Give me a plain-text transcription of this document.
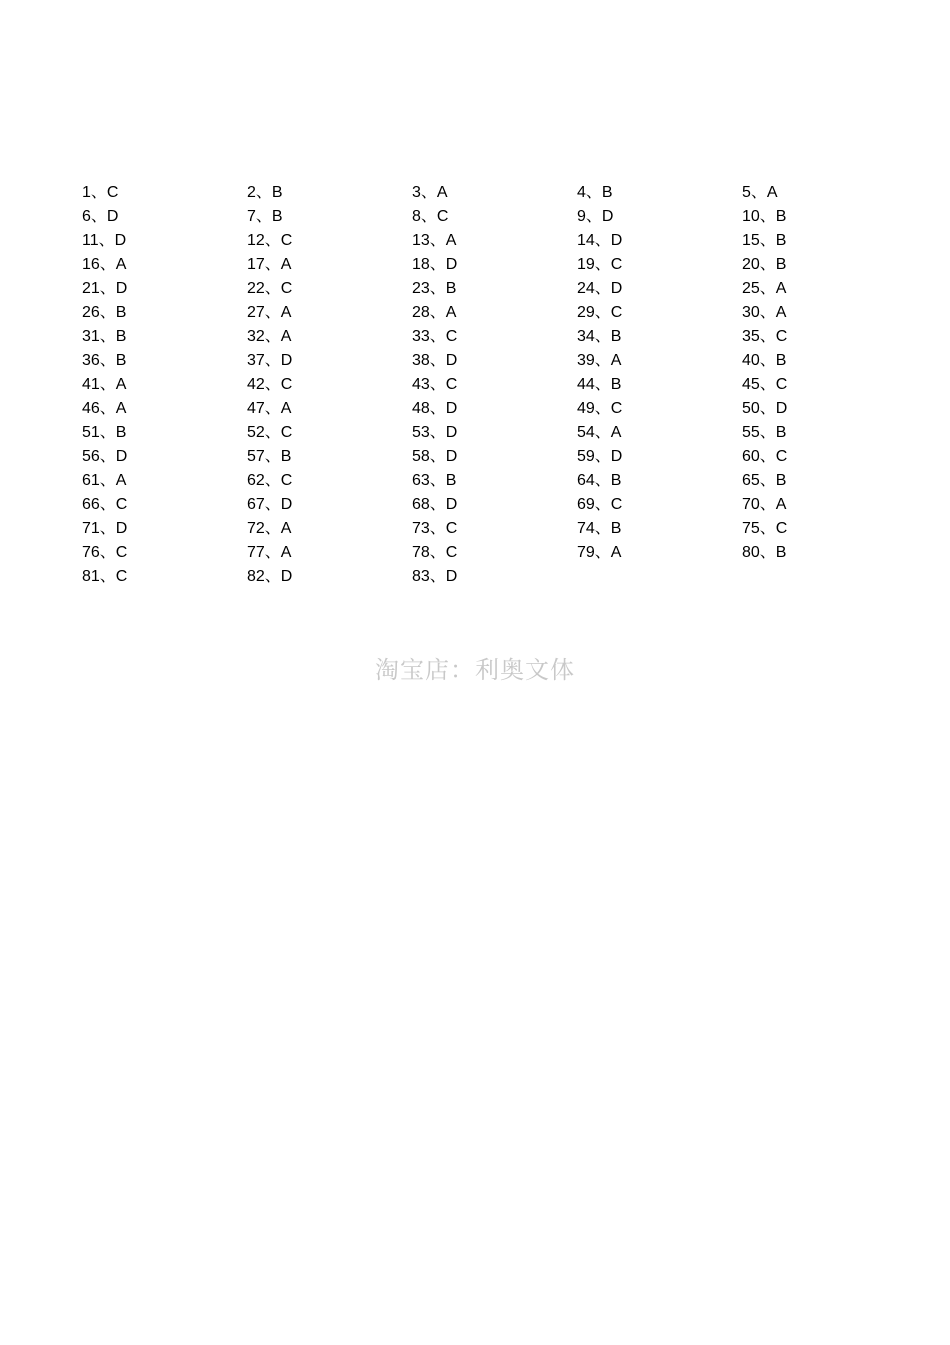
1、C	2、B	3、A	4、B	5、A
6、D	7、B	8、C	9、D	10、B
11、D	12、C	13、A	14、D	15、B
16、A	17、A	18、D	19、C	20、B
21、D	22、C	23、B	24、D	25、A
26、B	27、A	28、A	29、C	30、A
31、B	32、A	33、C	34、B	35、C
36、B	37、D	38、D	39、A	40、B
41、A	42、C	43、C	44、B	45、C
46、A	47、A	48、D	49、C	50、D
51、B	52、C	53、D	54、A	55、B
56、D	57、B	58、D	59、D	60、C
61、A	62、C	63、B	64、B	65、B
66、C	67、D	68、D	69、C	70、A
71、D	72、A	73、C	74、B	75、C
76、C	77、A	78、C	79、A	80、B
81、C	82、D	83、D
淘宝店：利奥文体
